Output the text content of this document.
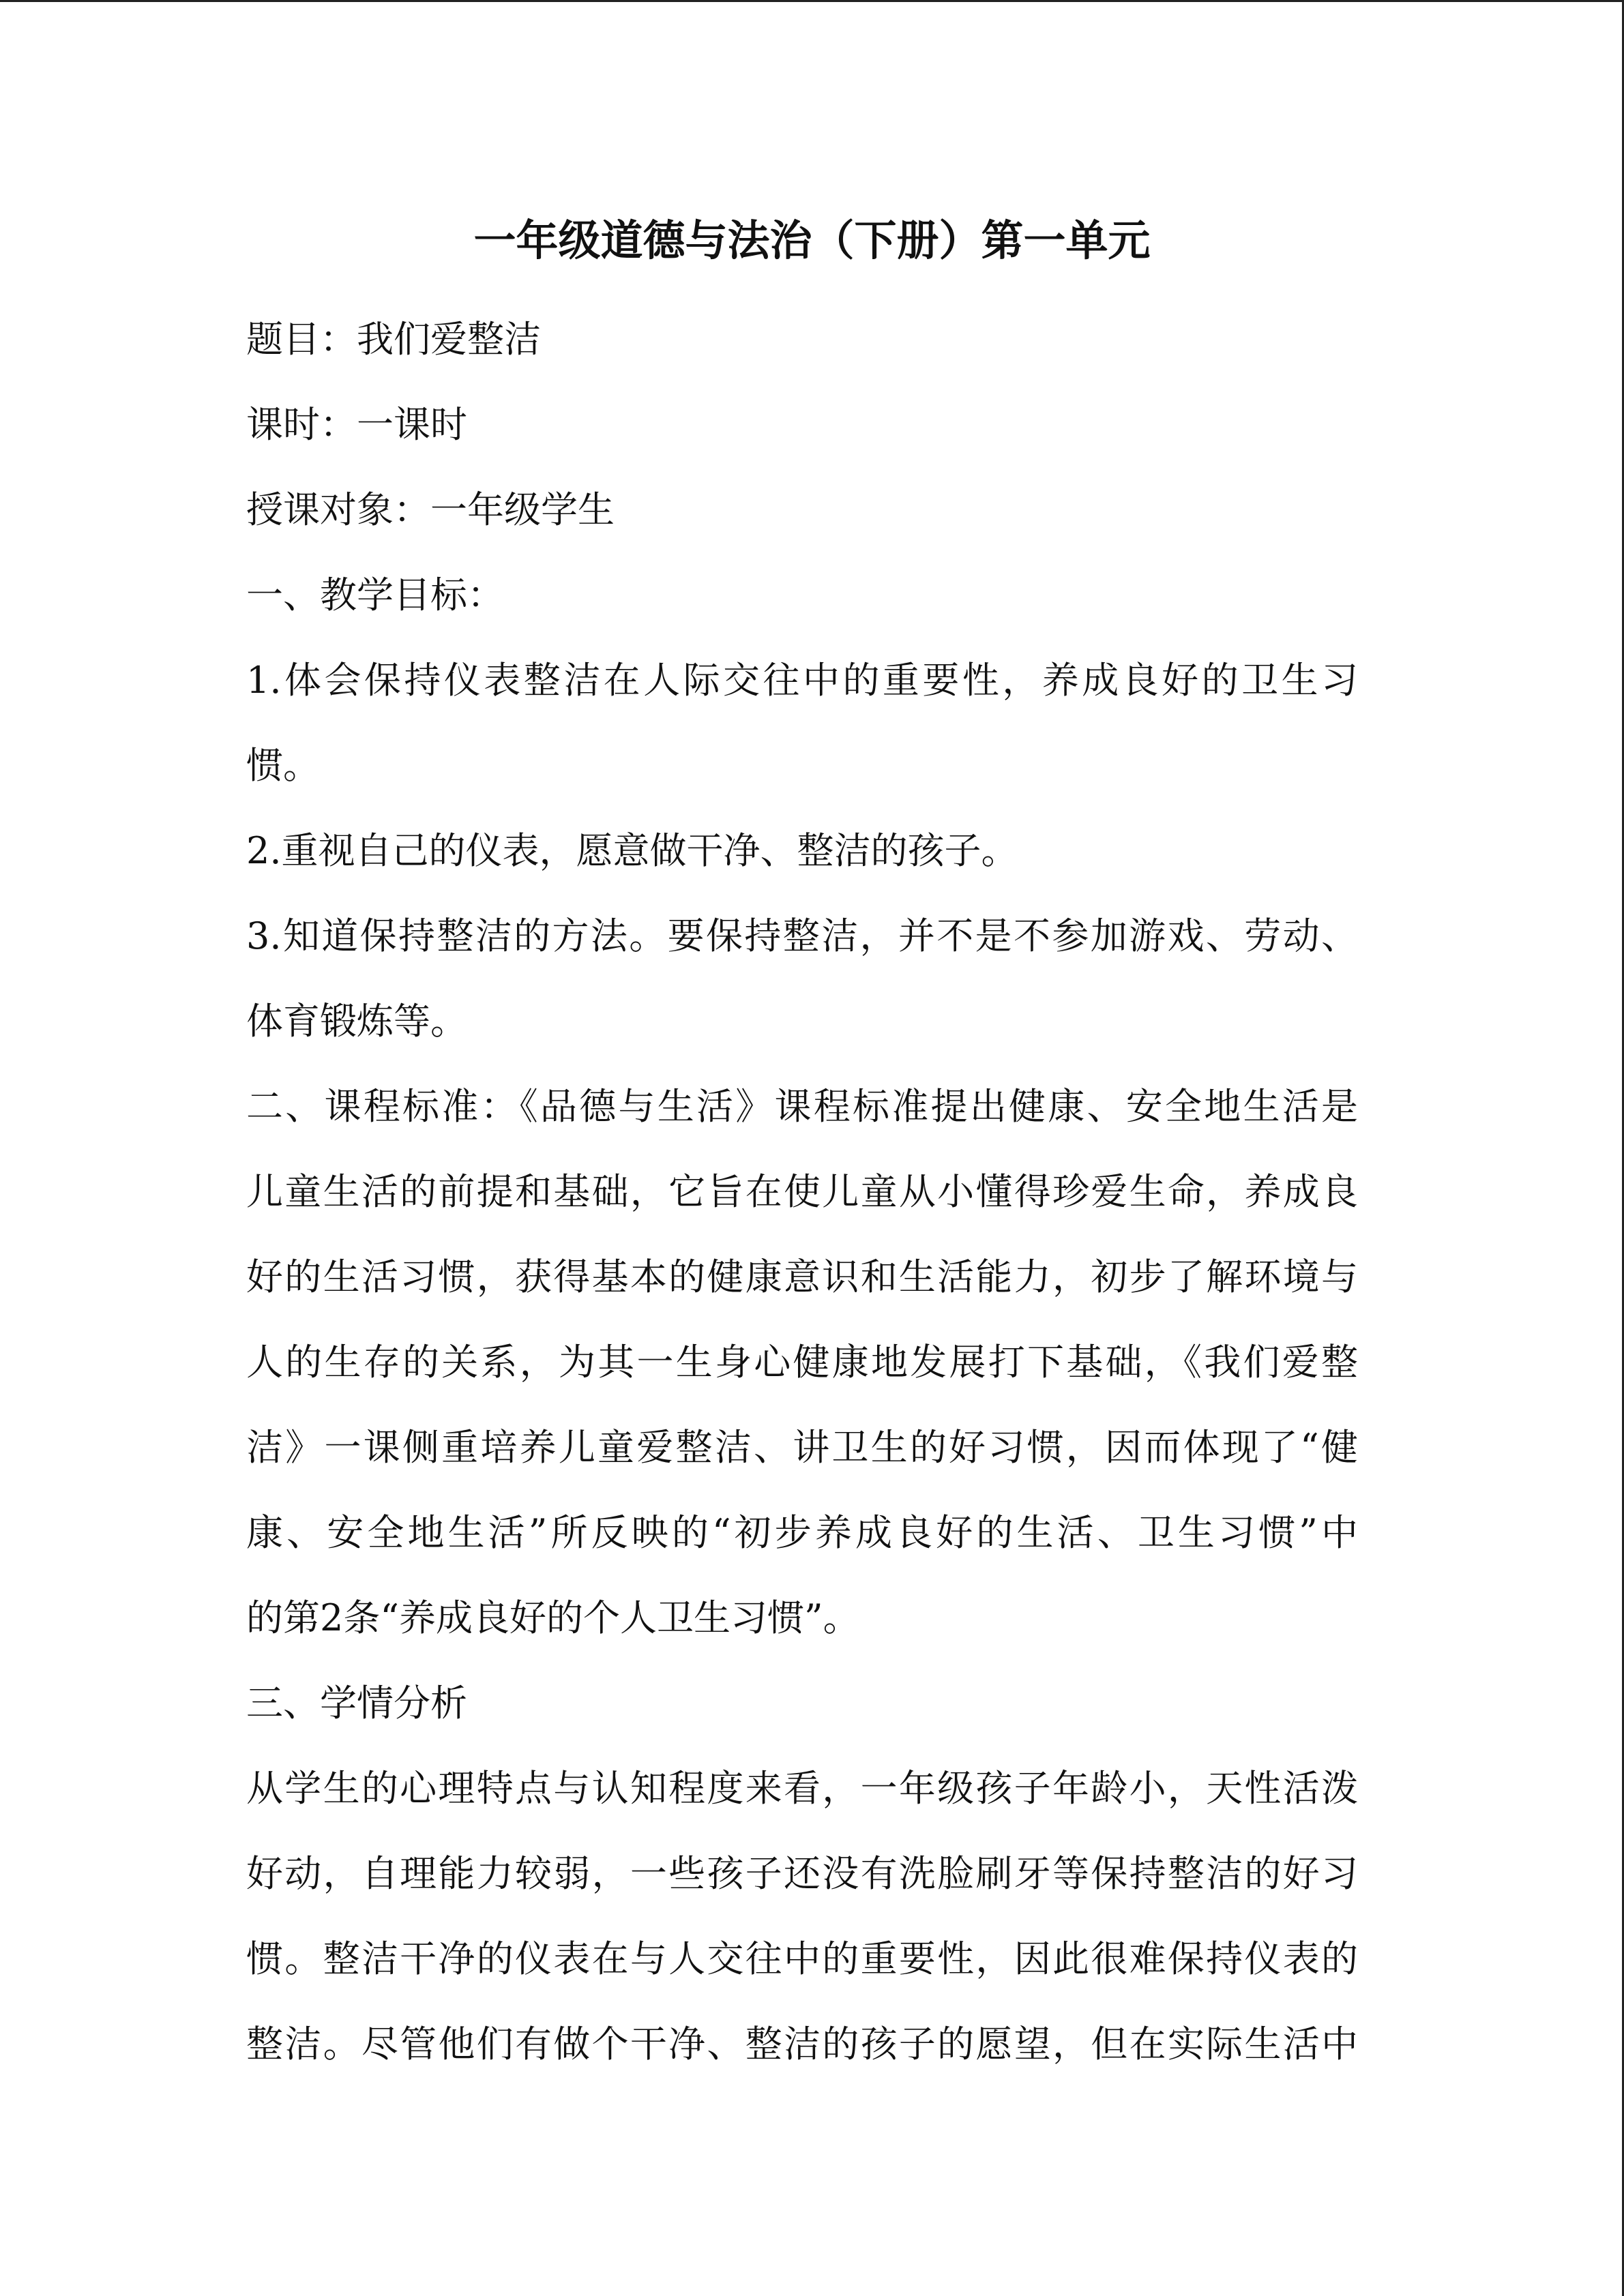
一年级道德与法治（下册）第一单元
题目：我们爱整洁
课时：一课时
授课对象：一年级学生
一、教学目标：
1.体会保持仪表整洁在人际交往中的重要性，养成良好的卫生习
惯。
2.重视自己的仪表，愿意做干净、整洁的孩子。
3.知道保持整洁的方法。要保持整洁，并不是不参加游戏、劳动、
体育锻炼等。
二、课程标准：《品德与生活》课程标准提出健康、安全地生活是
儿童生活的前提和基础，它旨在使儿童从小懂得珍爱生命，养成良
好的生活习惯，获得基本的健康意识和生活能力，初步了解环境与
人的生存的关系，为其一生身心健康地发展打下基础，《我们爱整
洁》一课侧重培养儿童爱整洁、讲卫生的好习惯，因而体现了“健
康、安全地生活”所反映的“初步养成良好的生活、卫生习惯”中
的第2条“养成良好的个人卫生习惯”。
三、学情分析
从学生的心理特点与认知程度来看，一年级孩子年龄小，天性活泼
好动，自理能力较弱，一些孩子还没有洗脸刷牙等保持整洁的好习
惯。整洁干净的仪表在与人交往中的重要性，因此很难保持仪表的
整洁。尽管他们有做个干净、整洁的孩子的愿望，但在实际生活中
